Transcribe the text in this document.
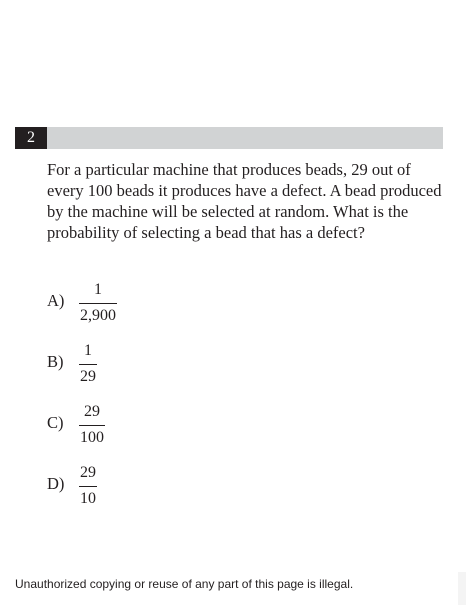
2

For a particular machine that produces beads, 29 out of every 100 beads it produces have a defect. A bead produced by the machine will be selected at random. What is the probability of selecting a bead that has a defect?

A)
1
2,900
B)
1
29
C)
29
100
D)
29
10
Unauthorized copying or reuse of any part of this page is illegal.
